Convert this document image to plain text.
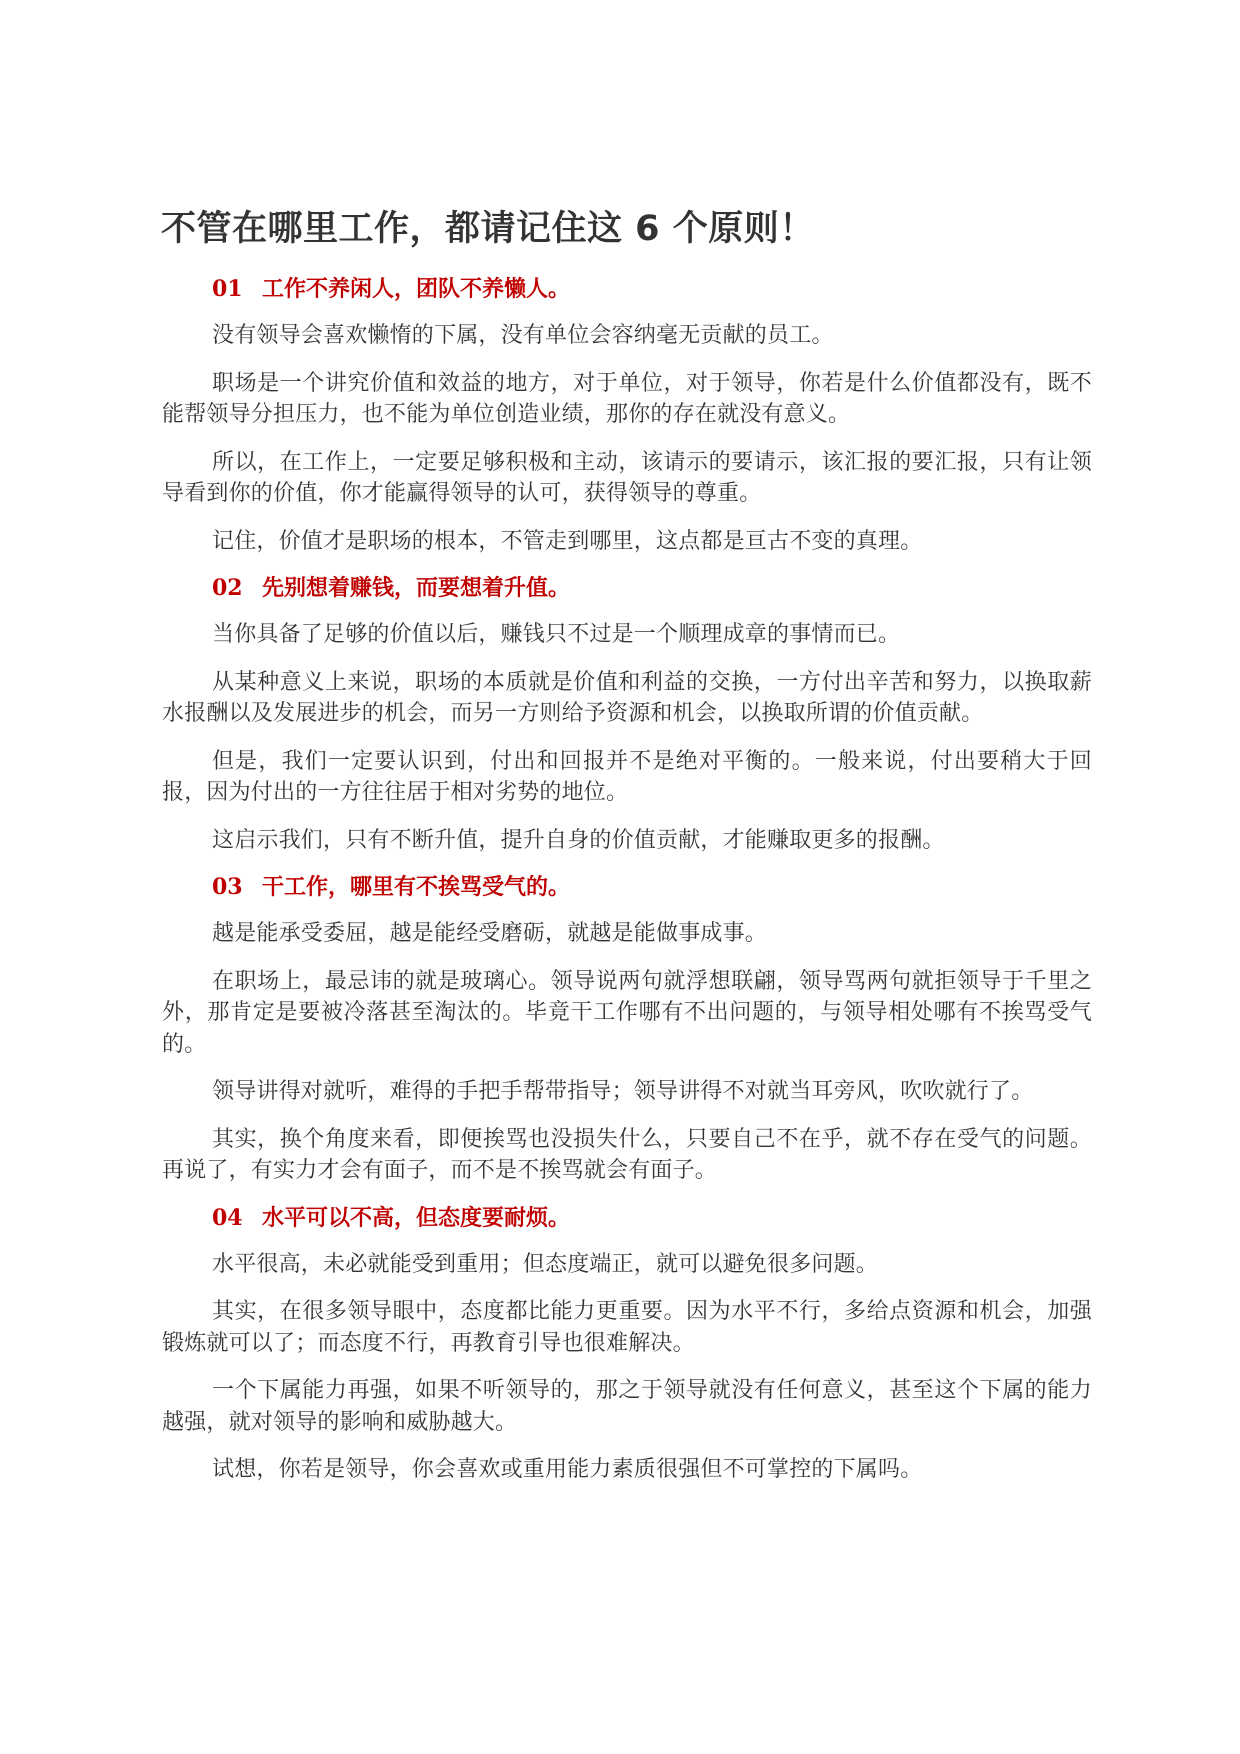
不管在哪里工作，都请记住这 6 个原则！
01 工作不养闲人，团队不养懒人。

没有领导会喜欢懒惰的下属，没有单位会容纳毫无贡献的员工。

职场是一个讲究价值和效益的地方，对于单位，对于领导，你若是什么价值都没有，既不能帮领导分担压力，也不能为单位创造业绩，那你的存在就没有意义。

所以，在工作上，一定要足够积极和主动，该请示的要请示，该汇报的要汇报，只有让领导看到你的价值，你才能赢得领导的认可，获得领导的尊重。

记住，价值才是职场的根本，不管走到哪里，这点都是亘古不变的真理。

02 先别想着赚钱，而要想着升值。

当你具备了足够的价值以后，赚钱只不过是一个顺理成章的事情而已。

从某种意义上来说，职场的本质就是价值和利益的交换，一方付出辛苦和努力，以换取薪水报酬以及发展进步的机会，而另一方则给予资源和机会，以换取所谓的价值贡献。

但是，我们一定要认识到，付出和回报并不是绝对平衡的。一般来说，付出要稍大于回报，因为付出的一方往往居于相对劣势的地位。

这启示我们，只有不断升值，提升自身的价值贡献，才能赚取更多的报酬。

03 干工作，哪里有不挨骂受气的。

越是能承受委屈，越是能经受磨砺，就越是能做事成事。

在职场上，最忌讳的就是玻璃心。领导说两句就浮想联翩，领导骂两句就拒领导于千里之外，那肯定是要被冷落甚至淘汰的。毕竟干工作哪有不出问题的，与领导相处哪有不挨骂受气的。

领导讲得对就听，难得的手把手帮带指导；领导讲得不对就当耳旁风，吹吹就行了。

其实，换个角度来看，即便挨骂也没损失什么，只要自己不在乎，就不存在受气的问题。再说了，有实力才会有面子，而不是不挨骂就会有面子。

04 水平可以不高，但态度要耐烦。

水平很高，未必就能受到重用；但态度端正，就可以避免很多问题。

其实，在很多领导眼中，态度都比能力更重要。因为水平不行，多给点资源和机会，加强锻炼就可以了；而态度不行，再教育引导也很难解决。

一个下属能力再强，如果不听领导的，那之于领导就没有任何意义，甚至这个下属的能力越强，就对领导的影响和威胁越大。

试想，你若是领导，你会喜欢或重用能力素质很强但不可掌控的下属吗。
